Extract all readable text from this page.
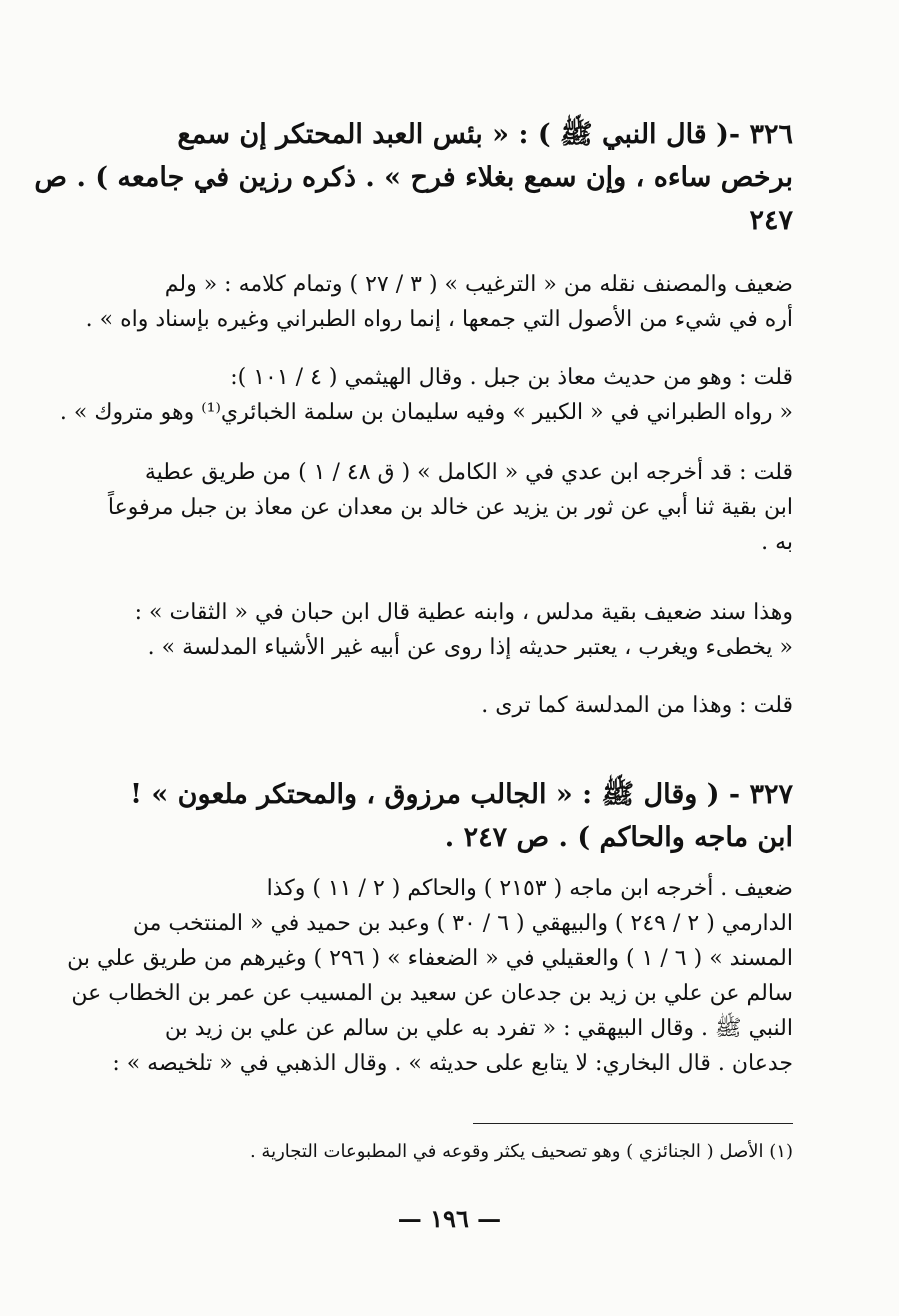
٣٢٦ -( قال النبي ﷺ ) : « بئس العبد المحتكر إن سمع
برخص ساءه ، وإن سمع بغلاء فرح » . ذكره رزين في جامعه ) . ص
٢٤٧
ضعيف والمصنف نقله من « الترغيب » ( ٣ / ٢٧ ) وتمام كلامه : « ولم
أره في شيء من الأصول التي جمعها ، إنما رواه الطبراني وغيره بإسناد واه » .
قلت : وهو من حديث معاذ بن جبل . وقال الهيثمي ( ٤ / ١٠١ ):
« رواه الطبراني في « الكبير » وفيه سليمان بن سلمة الخبائري⁽¹⁾ وهو متروك » .
قلت : قد أخرجه ابن عدي في « الكامل » ( ق ٤٨ / ١ ) من طريق عطية
ابن بقية ثنا أبي عن ثور بن يزيد عن خالد بن معدان عن معاذ بن جبل مرفوعاً
به .
وهذا سند ضعيف بقية مدلس ، وابنه عطية قال ابن حبان في « الثقات » :
« يخطىء ويغرب ، يعتبر حديثه إذا روى عن أبيه غير الأشياء المدلسة » .
قلت : وهذا من المدلسة كما ترى .
٣٢٧ - ( وقال ﷺ : « الجالب مرزوق ، والمحتكر ملعون » !
ابن ماجه والحاكم ) . ص ٢٤٧ .
ضعيف . أخرجه ابن ماجه ( ٢١٥٣ ) والحاكم ( ٢ / ١١ ) وكذا
الدارمي ( ٢ / ٢٤٩ ) والبيهقي ( ٦ / ٣٠ ) وعبد بن حميد في « المنتخب من
المسند » ( ٦ / ١ ) والعقيلي في « الضعفاء » ( ٢٩٦ ) وغيرهم من طريق علي بن
سالم عن علي بن زيد بن جدعان عن سعيد بن المسيب عن عمر بن الخطاب عن
النبي ﷺ . وقال البيهقي : « تفرد به علي بن سالم عن علي بن زيد بن
جدعان . قال البخاري: لا يتابع على حديثه » . وقال الذهبي في « تلخيصه » :
(١) الأصل ( الجنائزي ) وهو تصحيف يكثر وقوعه في المطبوعات التجارية .
— ١٩٦ —
